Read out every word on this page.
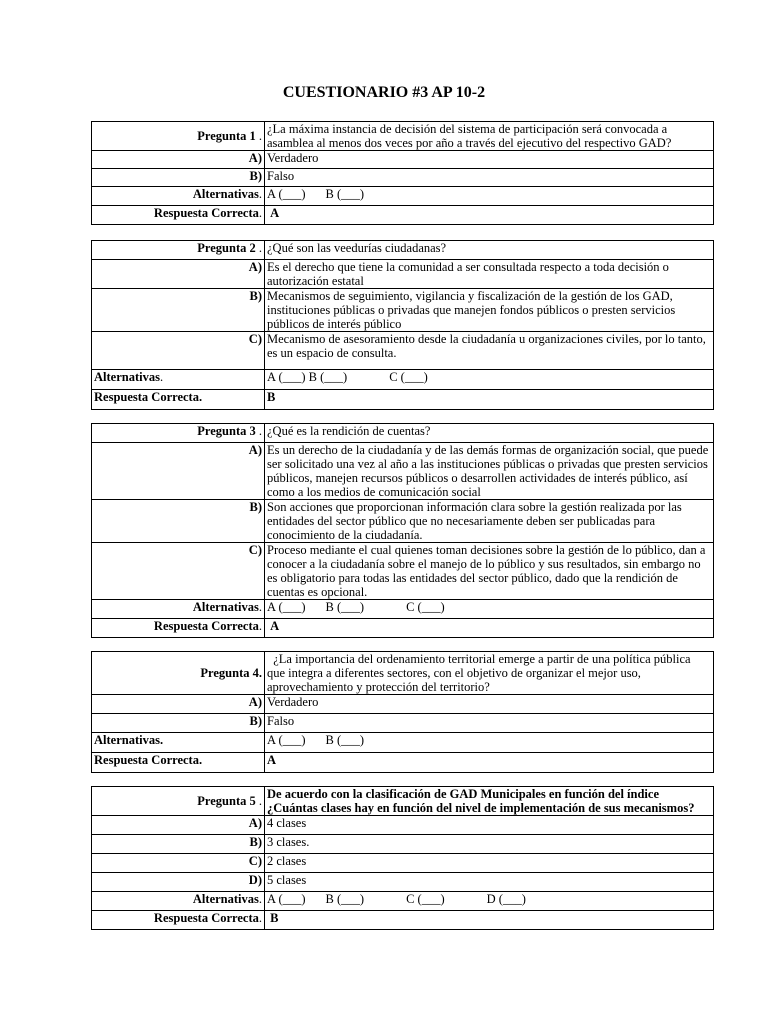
CUESTIONARIO #3 AP 10-2
Pregunta 1 .	¿La máxima instancia de decisión del sistema de participación será convocada a asamblea al menos dos veces por año a través del ejecutivo del respectivo GAD?
A)	Verdadero
B)	Falso
Alternativas.	A (___) B (___)
Respuesta Correcta.	A
Pregunta 2 .	¿Qué son las veedurías ciudadanas?
A)	Es el derecho que tiene la comunidad a ser consultada respecto a toda decisión o autorización estatal
B)	Mecanismos de seguimiento, vigilancia y fiscalización de la gestión de los GAD, instituciones públicas o privadas que manejen fondos públicos o presten servicios públicos de interés público
C)	Mecanismo de asesoramiento desde la ciudadanía u organizaciones civiles, por lo tanto, es un espacio de consulta.
Alternativas.	A (___) B (___) C (___)
Respuesta Correcta.	B
Pregunta 3 .	¿Qué es la rendición de cuentas?
A)	Es un derecho de la ciudadanía y de las demás formas de organización social, que puede ser solicitado una vez al año a las instituciones públicas o privadas que presten servicios públicos, manejen recursos públicos o desarrollen actividades de interés público, así como a los medios de comunicación social
B)	Son acciones que proporcionan información clara sobre la gestión realizada por las entidades del sector público que no necesariamente deben ser publicadas para conocimiento de la ciudadanía.
C)	Proceso mediante el cual quienes toman decisiones sobre la gestión de lo público, dan a conocer a la ciudadanía sobre el manejo de lo público y sus resultados, sin embargo no es obligatorio para todas las entidades del sector público, dado que la rendición de cuentas es opcional.
Alternativas.	A (___) B (___) C (___)
Respuesta Correcta.	A
Pregunta 4.	¿La importancia del ordenamiento territorial emerge a partir de una política pública que integra a diferentes sectores, con el objetivo de organizar el mejor uso, aprovechamiento y protección del territorio?
A)	Verdadero
B)	Falso
Alternativas.	A (___) B (___)
Respuesta Correcta.	A
Pregunta 5 .	De acuerdo con la clasificación de GAD Municipales en función del índice ¿Cuántas clases hay en función del nivel de implementación de sus mecanismos?
A)	4 clases
B)	3 clases.
C)	2 clases
D)	5 clases
Alternativas.	A (___) B (___) C (___) D (___)
Respuesta Correcta.	B
